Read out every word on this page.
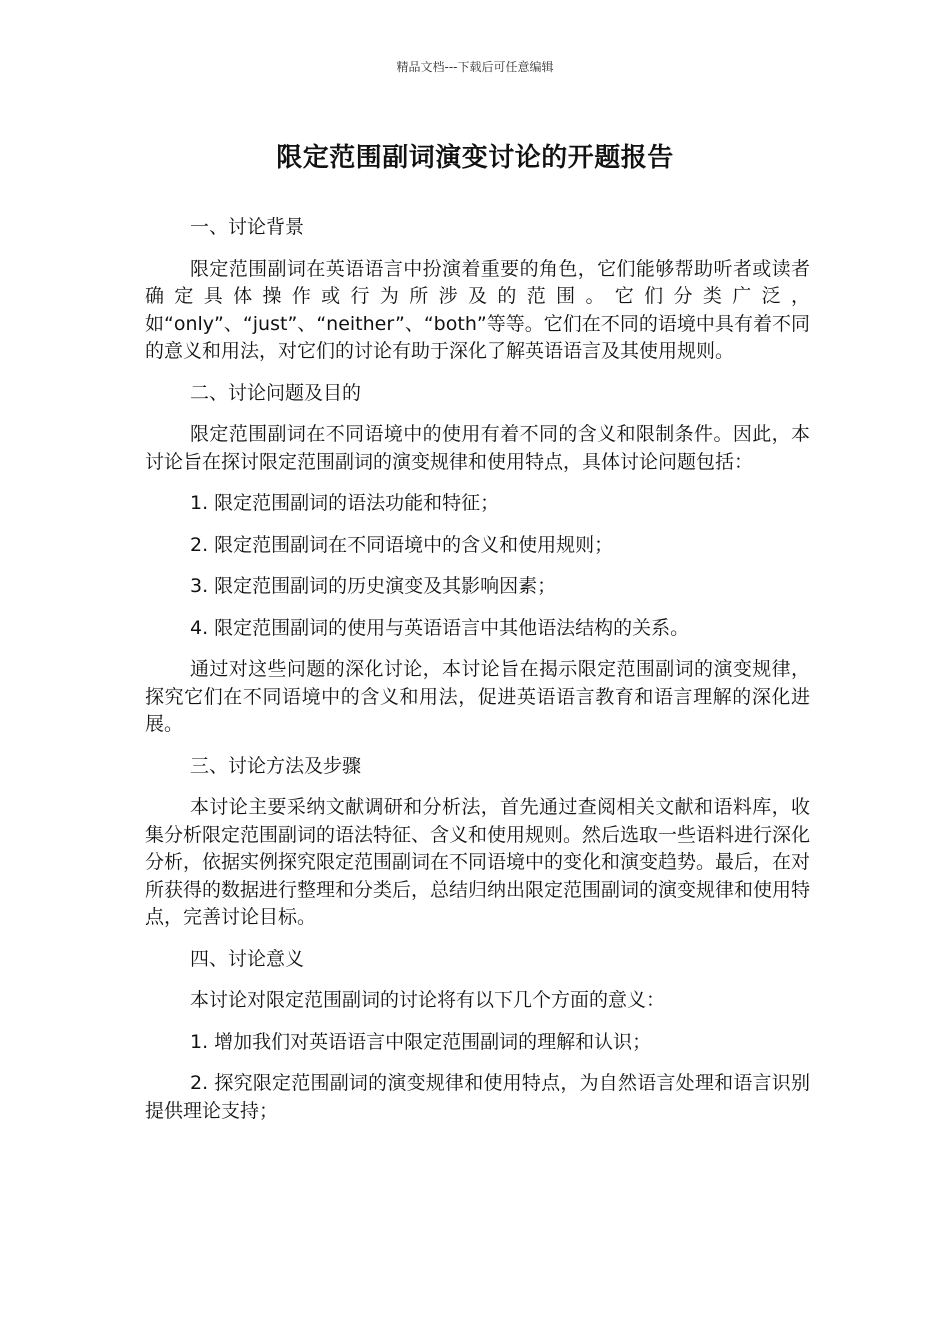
精品文档---下载后可任意编辑
限定范围副词演变讨论的开题报告
一、讨论背景
限定范围副词在英语语言中扮演着重要的角色，它们能够帮助听者或读者确定具体操作或行为所涉及的范围。它们分类广泛，如“only”、“just”、“neither”、“both”等等。它们在不同的语境中具有着不同的意义和用法，对它们的讨论有助于深化了解英语语言及其使用规则。
二、讨论问题及目的
限定范围副词在不同语境中的使用有着不同的含义和限制条件。因此，本讨论旨在探讨限定范围副词的演变规律和使用特点，具体讨论问题包括：
1. 限定范围副词的语法功能和特征；
2. 限定范围副词在不同语境中的含义和使用规则；
3. 限定范围副词的历史演变及其影响因素；
4. 限定范围副词的使用与英语语言中其他语法结构的关系。
通过对这些问题的深化讨论，本讨论旨在揭示限定范围副词的演变规律，探究它们在不同语境中的含义和用法，促进英语语言教育和语言理解的深化进展。
三、讨论方法及步骤
本讨论主要采纳文献调研和分析法，首先通过查阅相关文献和语料库，收集分析限定范围副词的语法特征、含义和使用规则。然后选取一些语料进行深化分析，依据实例探究限定范围副词在不同语境中的变化和演变趋势。最后，在对所获得的数据进行整理和分类后，总结归纳出限定范围副词的演变规律和使用特点，完善讨论目标。
四、讨论意义
本讨论对限定范围副词的讨论将有以下几个方面的意义：
1. 增加我们对英语语言中限定范围副词的理解和认识；
2. 探究限定范围副词的演变规律和使用特点，为自然语言处理和语言识别提供理论支持；
